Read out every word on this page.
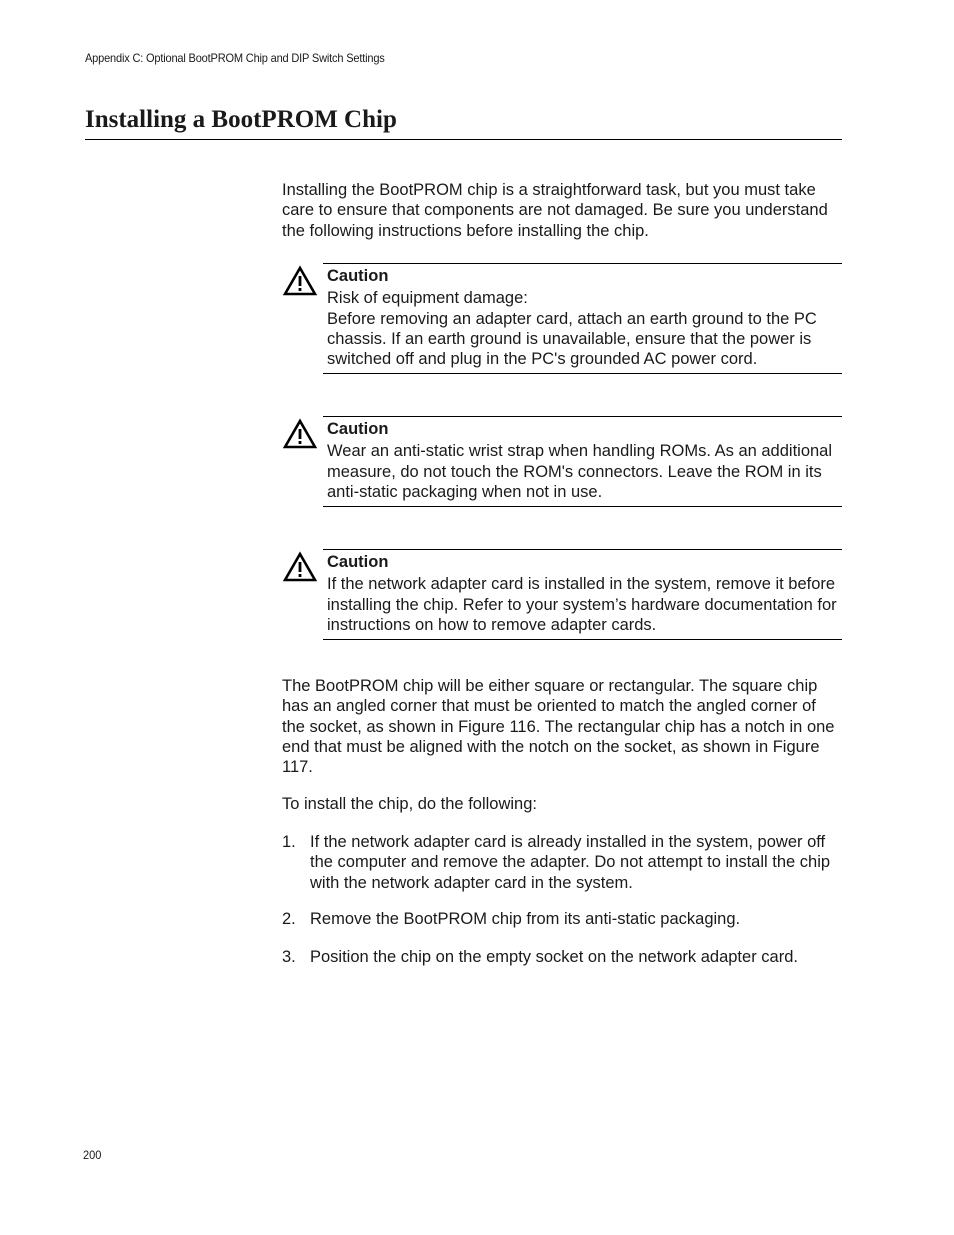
Appendix C: Optional BootPROM Chip and DIP Switch Settings
Installing a BootPROM Chip

Installing the BootPROM chip is a straightforward task, but you must take care to ensure that components are not damaged. Be sure you understand the following instructions before installing the chip.

Caution
Risk of equipment damage:
Before removing an adapter card, attach an earth ground to the PC chassis. If an earth ground is unavailable, ensure that the power is switched off and plug in the PC's grounded AC power cord.
Caution
Wear an anti-static wrist strap when handling ROMs. As an additional measure, do not touch the ROM's connectors. Leave the ROM in its anti-static packaging when not in use.
Caution
If the network adapter card is installed in the system, remove it before installing the chip. Refer to your system’s hardware documentation for instructions on how to remove adapter cards.

The BootPROM chip will be either square or rectangular. The square chip has an angled corner that must be oriented to match the angled corner of the socket, as shown in Figure 116. The rectangular chip has a notch in one end that must be aligned with the notch on the socket, as shown in Figure 117.

To install the chip, do the following:

1. If the network adapter card is already installed in the system, power off the computer and remove the adapter. Do not attempt to install the chip with the network adapter card in the system.
2. Remove the BootPROM chip from its anti-static packaging.
3. Position the chip on the empty socket on the network adapter card.
200
